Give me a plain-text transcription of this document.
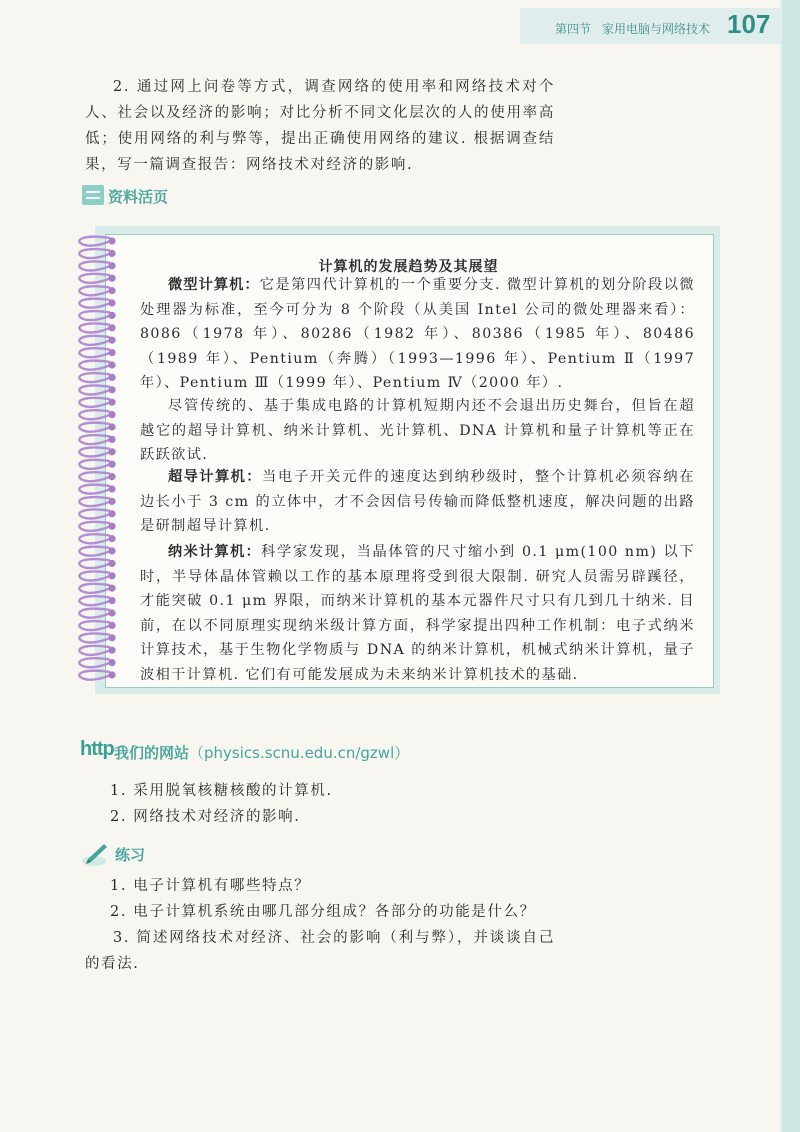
第四节 家用电脑与网络技术 107
2. 通过网上问卷等方式，调查网络的使用率和网络技术对个人、社会以及经济的影响；对比分析不同文化层次的人的使用率高低；使用网络的利与弊等，提出正确使用网络的建议. 根据调查结果，写一篇调查报告：网络技术对经济的影响.
资料活页
计算机的发展趋势及其展望
微型计算机：它是第四代计算机的一个重要分支. 微型计算机的划分阶段以微处理器为标准，至今可分为 8 个阶段（从美国 Intel 公司的微处理器来看）：8086（1978 年）、80286（1982 年）、80386（1985 年）、80486（1989 年）、Pentium（奔腾）（1993—1996 年）、Pentium Ⅱ（1997 年）、Pentium Ⅲ（1999 年）、Pentium Ⅳ（2000 年）.
尽管传统的、基于集成电路的计算机短期内还不会退出历史舞台，但旨在超越它的超导计算机、纳米计算机、光计算机、DNA 计算机和量子计算机等正在跃跃欲试.
超导计算机：当电子开关元件的速度达到纳秒级时，整个计算机必须容纳在边长小于 3 cm 的立体中，才不会因信号传输而降低整机速度，解决问题的出路是研制超导计算机.
纳米计算机：科学家发现，当晶体管的尺寸缩小到 0.1 μm(100 nm) 以下时，半导体晶体管赖以工作的基本原理将受到很大限制. 研究人员需另辟蹊径，才能突破 0.1 μm 界限，而纳米计算机的基本元器件尺寸只有几到几十纳米. 目前，在以不同原理实现纳米级计算方面，科学家提出四种工作机制：电子式纳米计算技术，基于生物化学物质与 DNA 的纳米计算机，机械式纳米计算机，量子波相干计算机. 它们有可能发展成为未来纳米计算机技术的基础.
http 我们的网站（physics.scnu.edu.cn/gzwl）
1. 采用脱氧核糖核酸的计算机.
2. 网络技术对经济的影响.
练习
1. 电子计算机有哪些特点？
2. 电子计算机系统由哪几部分组成？各部分的功能是什么？
3. 简述网络技术对经济、社会的影响（利与弊），并谈谈自己的看法.
